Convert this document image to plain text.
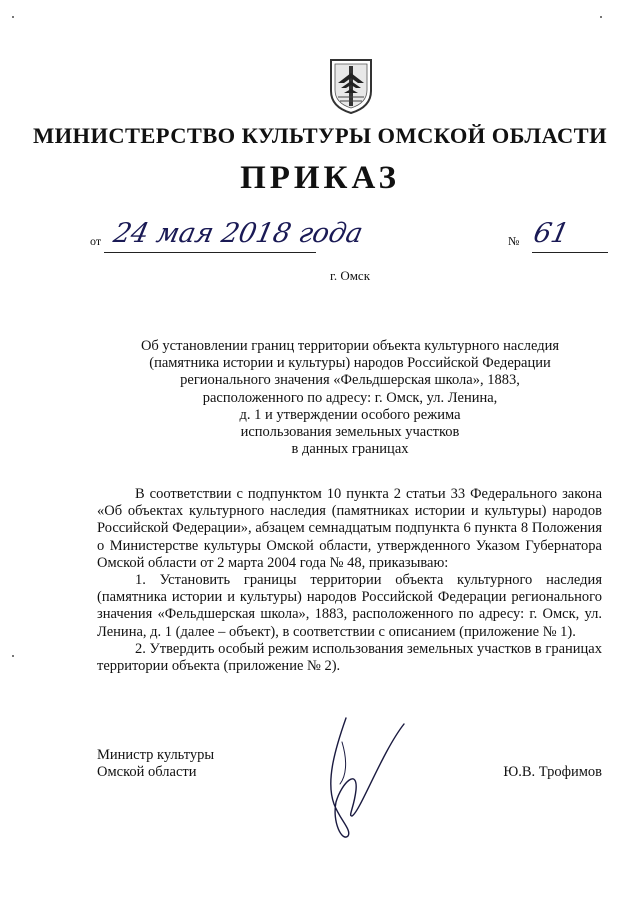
МИНИСТЕРСТВО КУЛЬТУРЫ ОМСКОЙ ОБЛАСТИ
ПРИКАЗ
от 24 мая 2018 года	№ 61
г. Омск
Об установлении границ территории объекта культурного наследия
(памятника истории и культуры) народов Российской Федерации
регионального значения «Фельдшерская школа», 1883,
расположенного по адресу: г. Омск, ул. Ленина,
д. 1 и утверждении особого режима
использования земельных участков
в данных границах

В соответствии с подпунктом 10 пункта 2 статьи 33 Федерального закона «Об объектах культурного наследия (памятниках истории и культуры) народов Российской Федерации», абзацем семнадцатым подпункта 6 пункта 8 Положения о Министерстве культуры Омской области, утвержденного Указом Губернатора Омской области от 2 марта 2004 года № 48, приказываю:

1. Установить границы территории объекта культурного наследия (памятника истории и культуры) народов Российской Федерации регионального значения «Фельдшерская школа», 1883, расположенного по адресу: г. Омск, ул. Ленина, д. 1 (далее – объект), в соответствии с описанием (приложение № 1).

2. Утвердить особый режим использования земельных участков в границах территории объекта (приложение № 2).

Министр культуры
Омской области	Ю.В. Трофимов
